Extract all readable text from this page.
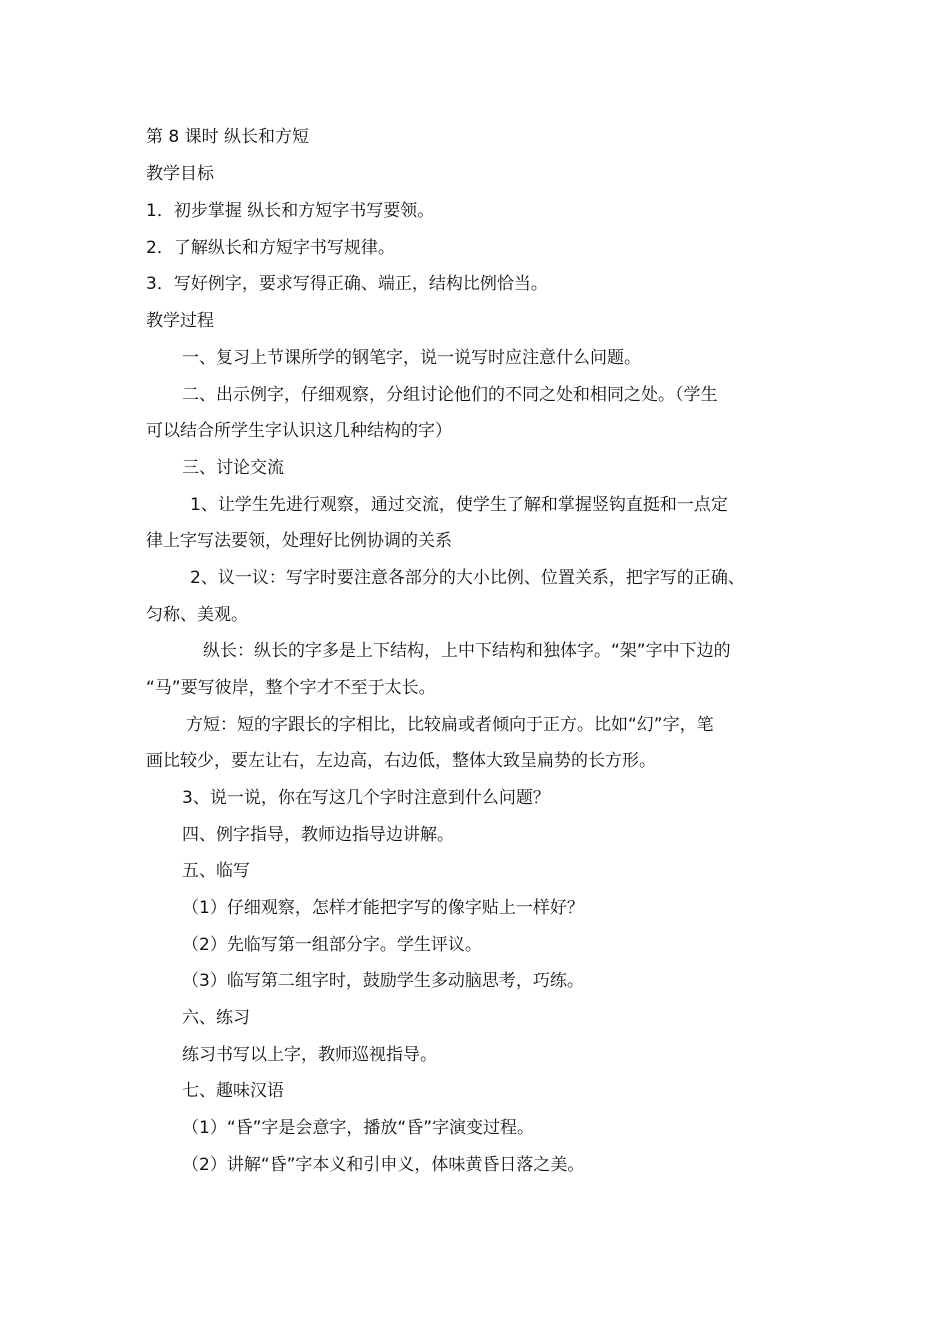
第 8 课时 纵长和方短
教学目标
1．初步掌握 纵长和方短字书写要领。
2．了解纵长和方短字书写规律。
3．写好例字，要求写得正确、端正，结构比例恰当。
教学过程
一、复习上节课所学的钢笔字，说一说写时应注意什么问题。
二、出示例字，仔细观察，分组讨论他们的不同之处和相同之处。（学生
可以结合所学生字认识这几种结构的字）
三、讨论交流
1、让学生先进行观察，通过交流，使学生了解和掌握竖钩直挺和一点定
律上字写法要领，处理好比例协调的关系
2、议一议：写字时要注意各部分的大小比例、位置关系，把字写的正确、
匀称、美观。
纵长：纵长的字多是上下结构，上中下结构和独体字。“架”字中下边的
“马”要写彼岸，整个字才不至于太长。
方短：短的字跟长的字相比，比较扁或者倾向于正方。比如“幻”字，笔
画比较少，要左让右，左边高，右边低，整体大致呈扁势的长方形。
3、说一说，你在写这几个字时注意到什么问题？
四、例字指导，教师边指导边讲解。
五、临写
（1）仔细观察，怎样才能把字写的像字贴上一样好？
（2）先临写第一组部分字。学生评议。
（3）临写第二组字时，鼓励学生多动脑思考，巧练。
六、练习
练习书写以上字，教师巡视指导。
七、趣味汉语
（1）“昏”字是会意字，播放“昏”字演变过程。
（2）讲解“昏”字本义和引申义，体味黄昏日落之美。
